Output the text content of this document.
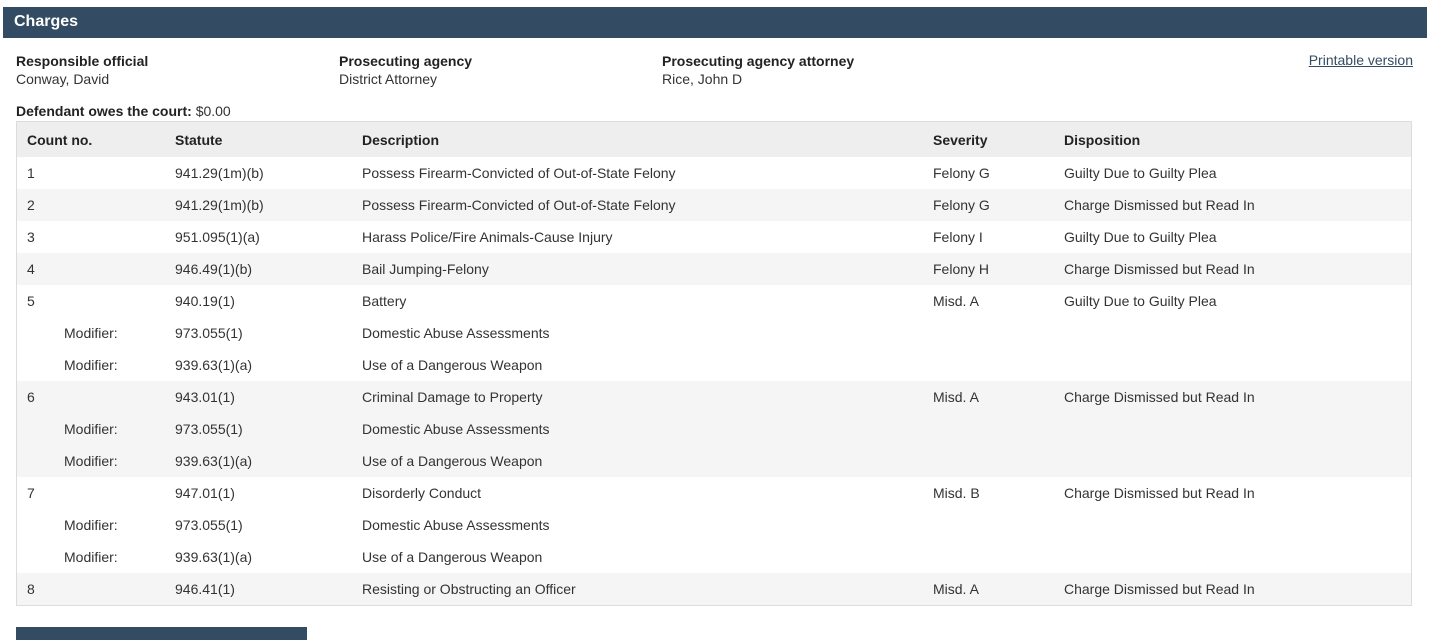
Charges
Responsible official
Conway, David
Prosecuting agency
District Attorney
Prosecuting agency attorney
Rice, John D
Printable version
Defendant owes the court: $0.00
Count no.	Statute	Description	Severity	Disposition
1	941.29(1m)(b)	Possess Firearm-Convicted of Out-of-State Felony	Felony G	Guilty Due to Guilty Plea
2	941.29(1m)(b)	Possess Firearm-Convicted of Out-of-State Felony	Felony G	Charge Dismissed but Read In
3	951.095(1)(a)	Harass Police/Fire Animals-Cause Injury	Felony I	Guilty Due to Guilty Plea
4	946.49(1)(b)	Bail Jumping-Felony	Felony H	Charge Dismissed but Read In
5	940.19(1)	Battery	Misd. A	Guilty Due to Guilty Plea
Modifier:	973.055(1)	Domestic Abuse Assessments		
Modifier:	939.63(1)(a)	Use of a Dangerous Weapon		
6	943.01(1)	Criminal Damage to Property	Misd. A	Charge Dismissed but Read In
Modifier:	973.055(1)	Domestic Abuse Assessments		
Modifier:	939.63(1)(a)	Use of a Dangerous Weapon		
7	947.01(1)	Disorderly Conduct	Misd. B	Charge Dismissed but Read In
Modifier:	973.055(1)	Domestic Abuse Assessments		
Modifier:	939.63(1)(a)	Use of a Dangerous Weapon		
8	946.41(1)	Resisting or Obstructing an Officer	Misd. A	Charge Dismissed but Read In
